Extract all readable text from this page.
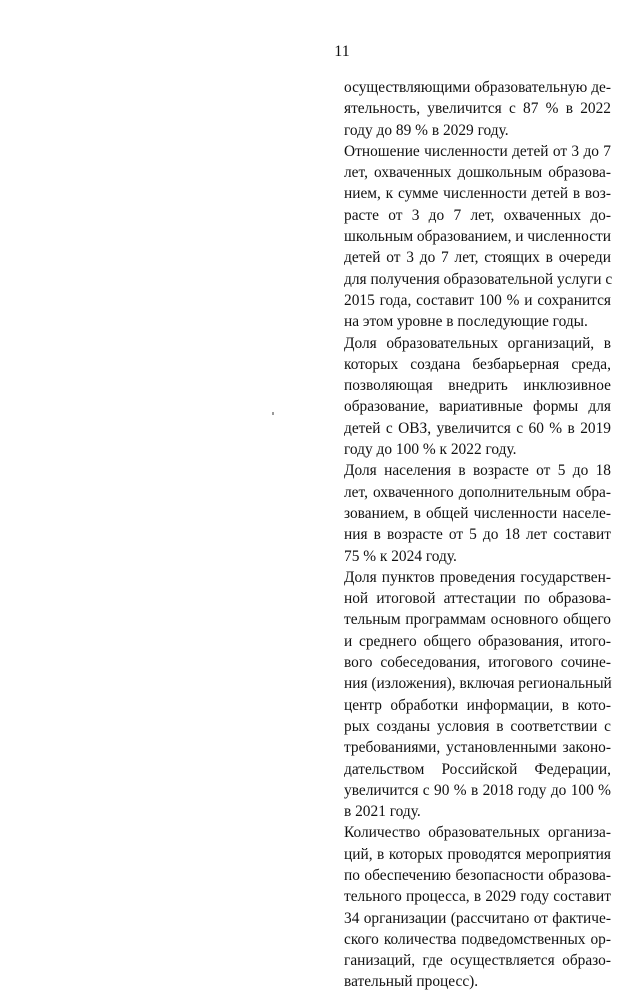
11
осуществляющими образовательную де-
ятельность, увеличится с 87 % в 2022
году до 89 % в 2029 году.
Отношение численности детей от 3 до 7
лет, охваченных дошкольным образова-
нием, к сумме численности детей в воз-
расте от 3 до 7 лет, охваченных до-
школьным образованием, и численности
детей от 3 до 7 лет, стоящих в очереди
для получения образовательной услуги с
2015 года, составит 100 % и сохранится
на этом уровне в последующие годы.
Доля образовательных организаций, в
которых создана безбарьерная среда,
позволяющая внедрить инклюзивное
образование, вариативные формы для
детей с ОВЗ, увеличится с 60 % в 2019
году до 100 % к 2022 году.
Доля населения в возрасте от 5 до 18
лет, охваченного дополнительным обра-
зованием, в общей численности населе-
ния в возрасте от 5 до 18 лет составит
75 % к 2024 году.
Доля пунктов проведения государствен-
ной итоговой аттестации по образова-
тельным программам основного общего
и среднего общего образования, итого-
вого собеседования, итогового сочине-
ния (изложения), включая региональный
центр обработки информации, в кото-
рых созданы условия в соответствии с
требованиями, установленными законо-
дательством Российской Федерации,
увеличится с 90 % в 2018 году до 100 %
в 2021 году.
Количество образовательных организа-
ций, в которых проводятся мероприятия
по обеспечению безопасности образова-
тельного процесса, в 2029 году составит
34 организации (рассчитано от фактиче-
ского количества подведомственных ор-
ганизаций, где осуществляется образо-
вательный процесс).
